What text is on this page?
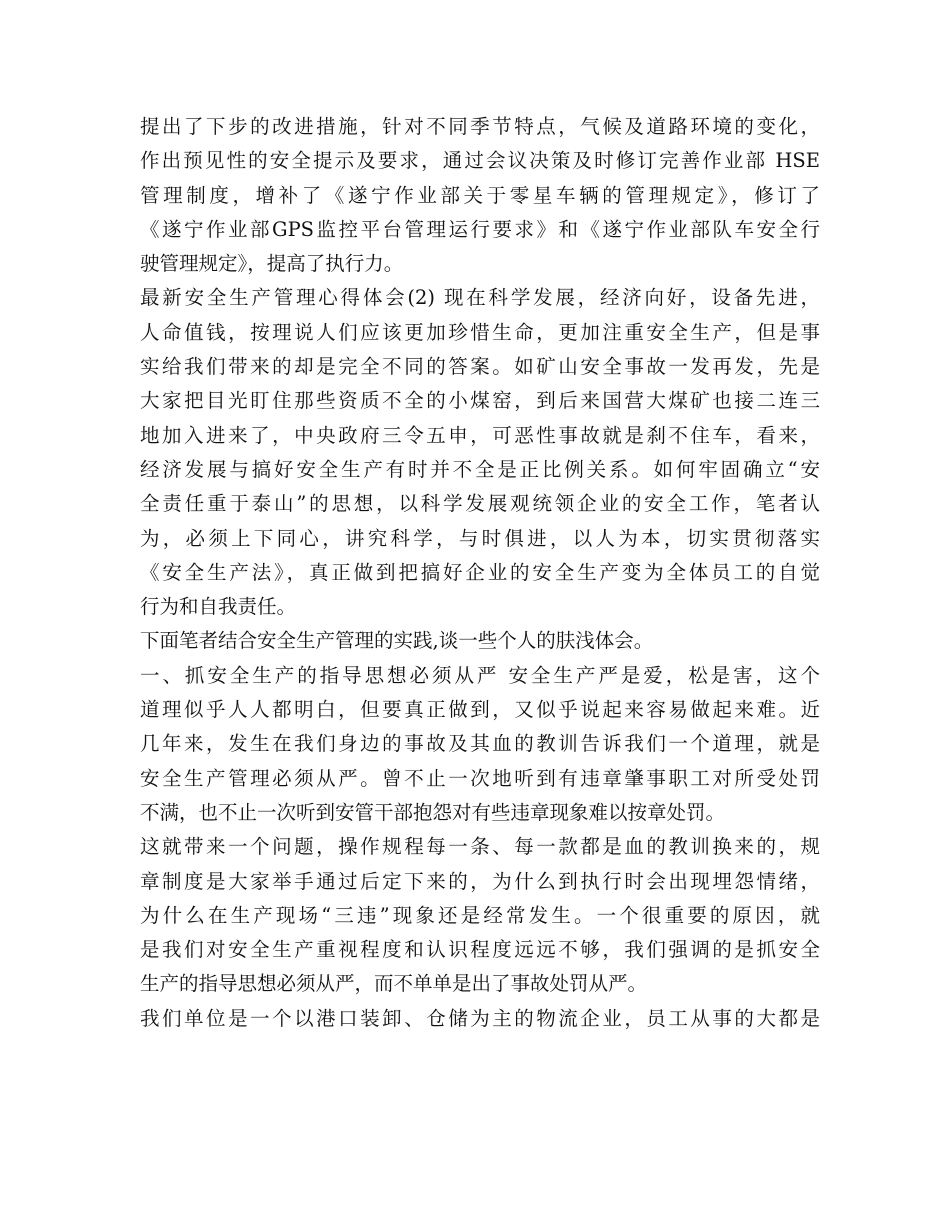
提出了下步的改进措施，针对不同季节特点，气候及道路环境的变化，

作出预见性的安全提示及要求，通过会议决策及时修订完善作业部 HSE

管理制度，增补了《遂宁作业部关于零星车辆的管理规定》，修订了

《遂宁作业部GPS监控平台管理运行要求》和《遂宁作业部队车安全行

驶管理规定》，提高了执行力。

最新安全生产管理心得体会(2) 现在科学发展，经济向好，设备先进，

人命值钱，按理说人们应该更加珍惜生命，更加注重安全生产，但是事

实给我们带来的却是完全不同的答案。如矿山安全事故一发再发，先是

大家把目光盯住那些资质不全的小煤窑，到后来国营大煤矿也接二连三

地加入进来了，中央政府三令五申，可恶性事故就是刹不住车，看来，

经济发展与搞好安全生产有时并不全是正比例关系。如何牢固确立“安

全责任重于泰山”的思想，以科学发展观统领企业的安全工作，笔者认

为，必须上下同心，讲究科学，与时俱进，以人为本，切实贯彻落实

《安全生产法》，真正做到把搞好企业的安全生产变为全体员工的自觉

行为和自我责任。

下面笔者结合安全生产管理的实践,谈一些个人的肤浅体会。

一、抓安全生产的指导思想必须从严 安全生产严是爱，松是害，这个

道理似乎人人都明白，但要真正做到，又似乎说起来容易做起来难。近

几年来，发生在我们身边的事故及其血的教训告诉我们一个道理，就是

安全生产管理必须从严。曾不止一次地听到有违章肇事职工对所受处罚

不满，也不止一次听到安管干部抱怨对有些违章现象难以按章处罚。

这就带来一个问题，操作规程每一条、每一款都是血的教训换来的，规

章制度是大家举手通过后定下来的，为什么到执行时会出现埋怨情绪，

为什么在生产现场“三违”现象还是经常发生。一个很重要的原因，就

是我们对安全生产重视程度和认识程度远远不够，我们强调的是抓安全

生产的指导思想必须从严，而不单单是出了事故处罚从严。

我们单位是一个以港口装卸、仓储为主的物流企业，员工从事的大都是
